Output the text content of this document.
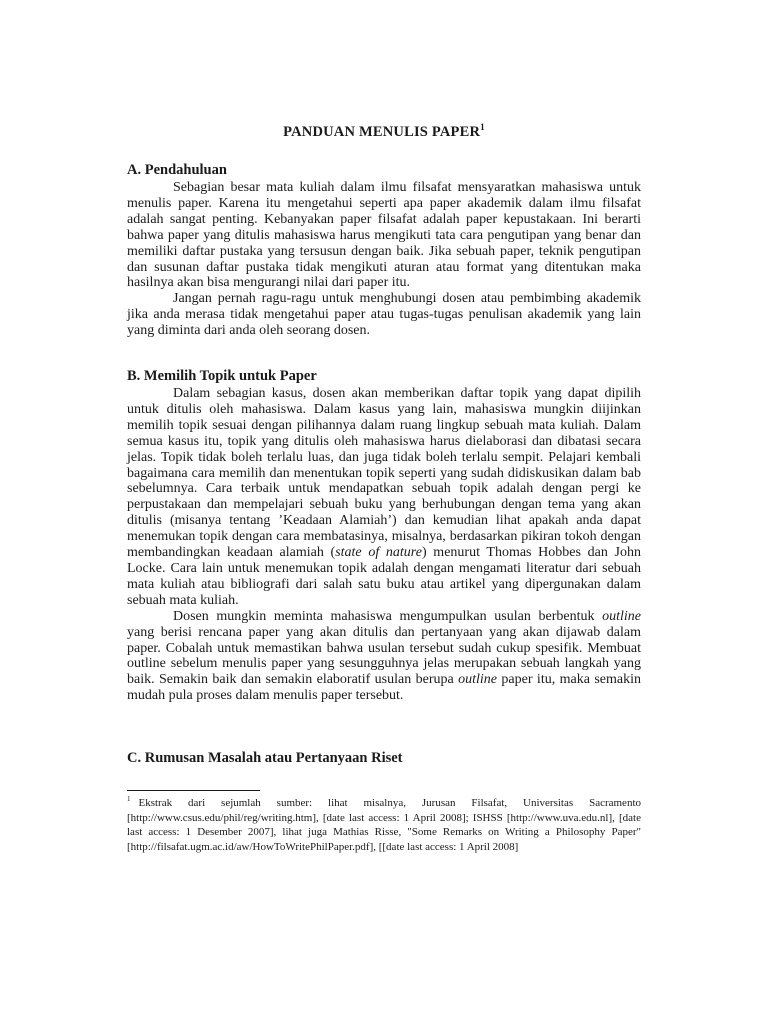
PANDUAN MENULIS PAPER$^1$
A. Pendahuluan

Sebagian besar mata kuliah dalam ilmu filsafat mensyaratkan mahasiswa untuk menulis paper. Karena itu mengetahui seperti apa paper akademik dalam ilmu filsafat adalah sangat penting. Kebanyakan paper filsafat adalah paper kepustakaan. Ini berarti bahwa paper yang ditulis mahasiswa harus mengikuti tata cara pengutipan yang benar dan memiliki daftar pustaka yang tersusun dengan baik. Jika sebuah paper, teknik pengutipan dan susunan daftar pustaka tidak mengikuti aturan atau format yang ditentukan maka hasilnya akan bisa mengurangi nilai dari paper itu.

Jangan pernah ragu-ragu untuk menghubungi dosen atau pembimbing akademik jika anda merasa tidak mengetahui paper atau tugas-tugas penulisan akademik yang lain yang diminta dari anda oleh seorang dosen.

B. Memilih Topik untuk Paper

Dalam sebagian kasus, dosen akan memberikan daftar topik yang dapat dipilih untuk ditulis oleh mahasiswa. Dalam kasus yang lain, mahasiswa mungkin diijinkan memilih topik sesuai dengan pilihannya dalam ruang lingkup sebuah mata kuliah. Dalam semua kasus itu, topik yang ditulis oleh mahasiswa harus dielaborasi dan dibatasi secara jelas. Topik tidak boleh terlalu luas, dan juga tidak boleh terlalu sempit. Pelajari kembali bagaimana cara memilih dan menentukan topik seperti yang sudah didiskusikan dalam bab sebelumnya. Cara terbaik untuk mendapatkan sebuah topik adalah dengan pergi ke perpustakaan dan mempelajari sebuah buku yang berhubungan dengan tema yang akan ditulis (misanya tentang ’Keadaan Alamiah’) dan kemudian lihat apakah anda dapat menemukan topik dengan cara membatasinya, misalnya, berdasarkan pikiran tokoh dengan membandingkan keadaan alamiah (state of nature) menurut Thomas Hobbes dan John Locke. Cara lain untuk menemukan topik adalah dengan mengamati literatur dari sebuah mata kuliah atau bibliografi dari salah satu buku atau artikel yang dipergunakan dalam sebuah mata kuliah.

Dosen mungkin meminta mahasiswa mengumpulkan usulan berbentuk outline yang berisi rencana paper yang akan ditulis dan pertanyaan yang akan dijawab dalam paper. Cobalah untuk memastikan bahwa usulan tersebut sudah cukup spesifik. Membuat outline sebelum menulis paper yang sesungguhnya jelas merupakan sebuah langkah yang baik. Semakin baik dan semakin elaboratif usulan berupa outline paper itu, maka semakin mudah pula proses dalam menulis paper tersebut.

C. Rumusan Masalah atau Pertanyaan Riset
$^1$ Ekstrak dari sejumlah sumber: lihat misalnya, Jurusan Filsafat, Universitas Sacramento [http://www.csus.edu/phil/reg/writing.htm], [date last access: 1 April 2008]; ISHSS [http://www.uva.edu.nl], [date last access: 1 Desember 2007], lihat juga Mathias Risse, "Some Remarks on Writing a Philosophy Paper" [http://filsafat.ugm.ac.id/aw/HowToWritePhilPaper.pdf], [[date last access: 1 April 2008]
